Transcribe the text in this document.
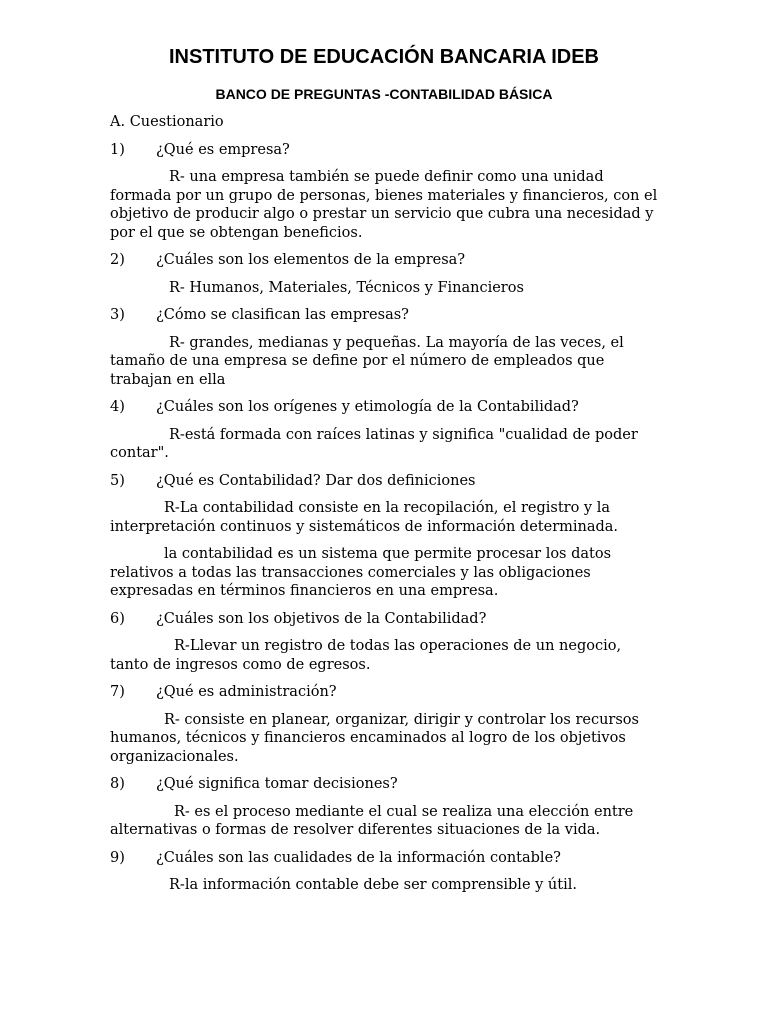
INSTITUTO DE EDUCACIÓN BANCARIA IDEB
BANCO DE PREGUNTAS -CONTABILIDAD BÁSICA

A. Cuestionario

1) ¿Qué es empresa?

R- una empresa también se puede definir como una unidad formada por un grupo de personas, bienes materiales y financieros, con el objetivo de producir algo o prestar un servicio que cubra una necesidad y por el que se obtengan beneficios.

2) ¿Cuáles son los elementos de la empresa?

R- Humanos, Materiales, Técnicos y Financieros

3) ¿Cómo se clasifican las empresas?

R- grandes, medianas y pequeñas. La mayoría de las veces, el tamaño de una empresa se define por el número de empleados que trabajan en ella

4) ¿Cuáles son los orígenes y etimología de la Contabilidad?

R-está formada con raíces latinas y significa "cualidad de poder contar".

5) ¿Qué es Contabilidad? Dar dos definiciones

R-La contabilidad consiste en la recopilación, el registro y la interpretación continuos y sistemáticos de información determinada.

la contabilidad es un sistema que permite procesar los datos relativos a todas las transacciones comerciales y las obligaciones expresadas en términos financieros en una empresa.

6) ¿Cuáles son los objetivos de la Contabilidad?

R-Llevar un registro de todas las operaciones de un negocio, tanto de ingresos como de egresos.

7) ¿Qué es administración?

R- consiste en planear, organizar, dirigir y controlar los recursos humanos, técnicos y financieros encaminados al logro de los objetivos organizacionales.

8) ¿Qué significa tomar decisiones?

R- es el proceso mediante el cual se realiza una elección entre alternativas o formas de resolver diferentes situaciones de la vida.

9) ¿Cuáles son las cualidades de la información contable?

R-la información contable debe ser comprensible y útil.
